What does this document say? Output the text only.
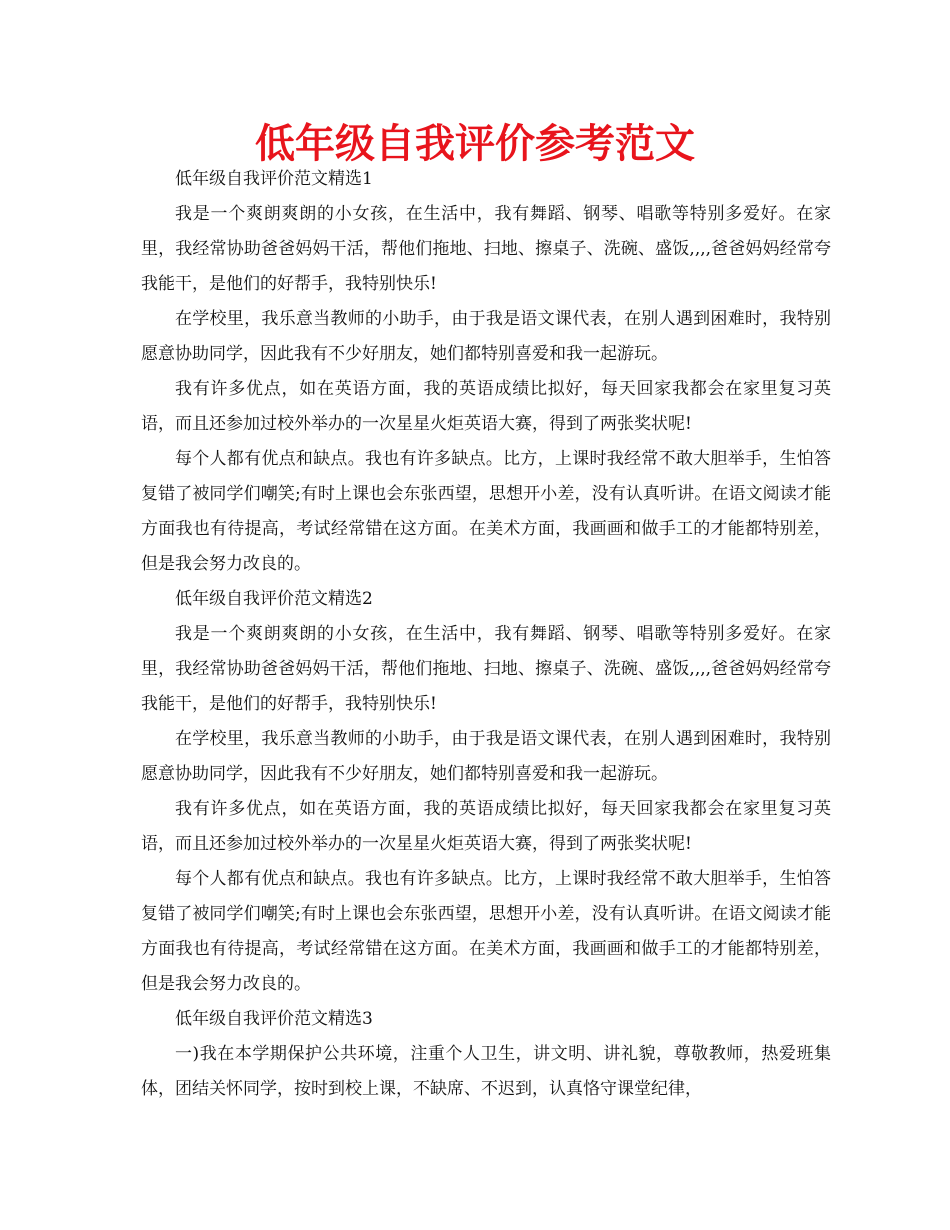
低年级自我评价参考范文

低年级自我评价范文精选1

我是一个爽朗爽朗的小女孩，在生活中，我有舞蹈、钢琴、唱歌等特别多爱好。在家里，我经常协助爸爸妈妈干活，帮他们拖地、扫地、擦桌子、洗碗、盛饭,,,,爸爸妈妈经常夸我能干，是他们的好帮手，我特别快乐!

在学校里，我乐意当教师的小助手，由于我是语文课代表，在别人遇到困难时，我特别愿意协助同学，因此我有不少好朋友，她们都特别喜爱和我一起游玩。

我有许多优点，如在英语方面，我的英语成绩比拟好，每天回家我都会在家里复习英语，而且还参加过校外举办的一次星星火炬英语大赛，得到了两张奖状呢!

每个人都有优点和缺点。我也有许多缺点。比方，上课时我经常不敢大胆举手，生怕答复错了被同学们嘲笑;有时上课也会东张西望，思想开小差，没有认真听讲。在语文阅读才能方面我也有待提高，考试经常错在这方面。在美术方面，我画画和做手工的才能都特别差，但是我会努力改良的。

低年级自我评价范文精选2

我是一个爽朗爽朗的小女孩，在生活中，我有舞蹈、钢琴、唱歌等特别多爱好。在家里，我经常协助爸爸妈妈干活，帮他们拖地、扫地、擦桌子、洗碗、盛饭,,,,爸爸妈妈经常夸我能干，是他们的好帮手，我特别快乐!

在学校里，我乐意当教师的小助手，由于我是语文课代表，在别人遇到困难时，我特别愿意协助同学，因此我有不少好朋友，她们都特别喜爱和我一起游玩。

我有许多优点，如在英语方面，我的英语成绩比拟好，每天回家我都会在家里复习英语，而且还参加过校外举办的一次星星火炬英语大赛，得到了两张奖状呢!

每个人都有优点和缺点。我也有许多缺点。比方，上课时我经常不敢大胆举手，生怕答复错了被同学们嘲笑;有时上课也会东张西望，思想开小差，没有认真听讲。在语文阅读才能方面我也有待提高，考试经常错在这方面。在美术方面，我画画和做手工的才能都特别差，但是我会努力改良的。

低年级自我评价范文精选3

一)我在本学期保护公共环境，注重个人卫生，讲文明、讲礼貌，尊敬教师，热爱班集体，团结关怀同学，按时到校上课，不缺席、不迟到，认真恪守课堂纪律，
